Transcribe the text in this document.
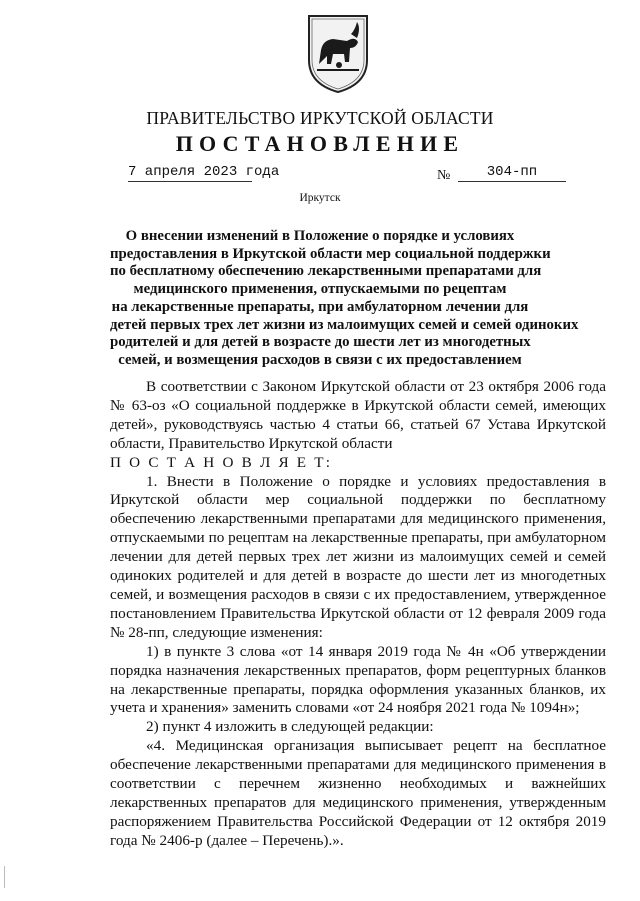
ПРАВИТЕЛЬСТВО ИРКУТСКОЙ ОБЛАСТИ
ПОСТАНОВЛЕНИЕ
7 апреля 2023 года	№	304-пп
Иркутск
О внесении изменений в Положение о порядке и условиях
предоставления в Иркутской области мер социальной поддержки
по бесплатному обеспечению лекарственными препаратами для
медицинского применения, отпускаемыми по рецептам
на лекарственные препараты, при амбулаторном лечении для
детей первых трех лет жизни из малоимущих семей и семей одиноких
родителей и для детей в возрасте до шести лет из многодетных
семей, и возмещения расходов в связи с их предоставлением

В соответствии с Законом Иркутской области от 23 октября 2006 года № 63-оз «О социальной поддержке в Иркутской области семей, имеющих детей», руководствуясь частью 4 статьи 66, статьей 67 Устава Иркутской области, Правительство Иркутской области

П О С Т А Н О В Л Я Е Т:

1. Внести в Положение о порядке и условиях предоставления в Иркутской области мер социальной поддержки по бесплатному обеспечению лекарственными препаратами для медицинского применения, отпускаемыми по рецептам на лекарственные препараты, при амбулаторном лечении для детей первых трех лет жизни из малоимущих семей и семей одиноких родителей и для детей в возрасте до шести лет из многодетных семей, и возмещения расходов в связи с их предоставлением, утвержденное постановлением Правительства Иркутской области от 12 февраля 2009 года № 28-пп, следующие изменения:

1) в пункте 3 слова «от 14 января 2019 года № 4н «Об утверждении порядка назначения лекарственных препаратов, форм рецептурных бланков на лекарственные препараты, порядка оформления указанных бланков, их учета и хранения» заменить словами «от 24 ноября 2021 года № 1094н»;

2) пункт 4 изложить в следующей редакции:

«4. Медицинская организация выписывает рецепт на бесплатное обеспечение лекарственными препаратами для медицинского применения в соответствии с перечнем жизненно необходимых и важнейших лекарственных препаратов для медицинского применения, утвержденным распоряжением Правительства Российской Федерации от 12 октября 2019 года № 2406-р (далее – Перечень).».
